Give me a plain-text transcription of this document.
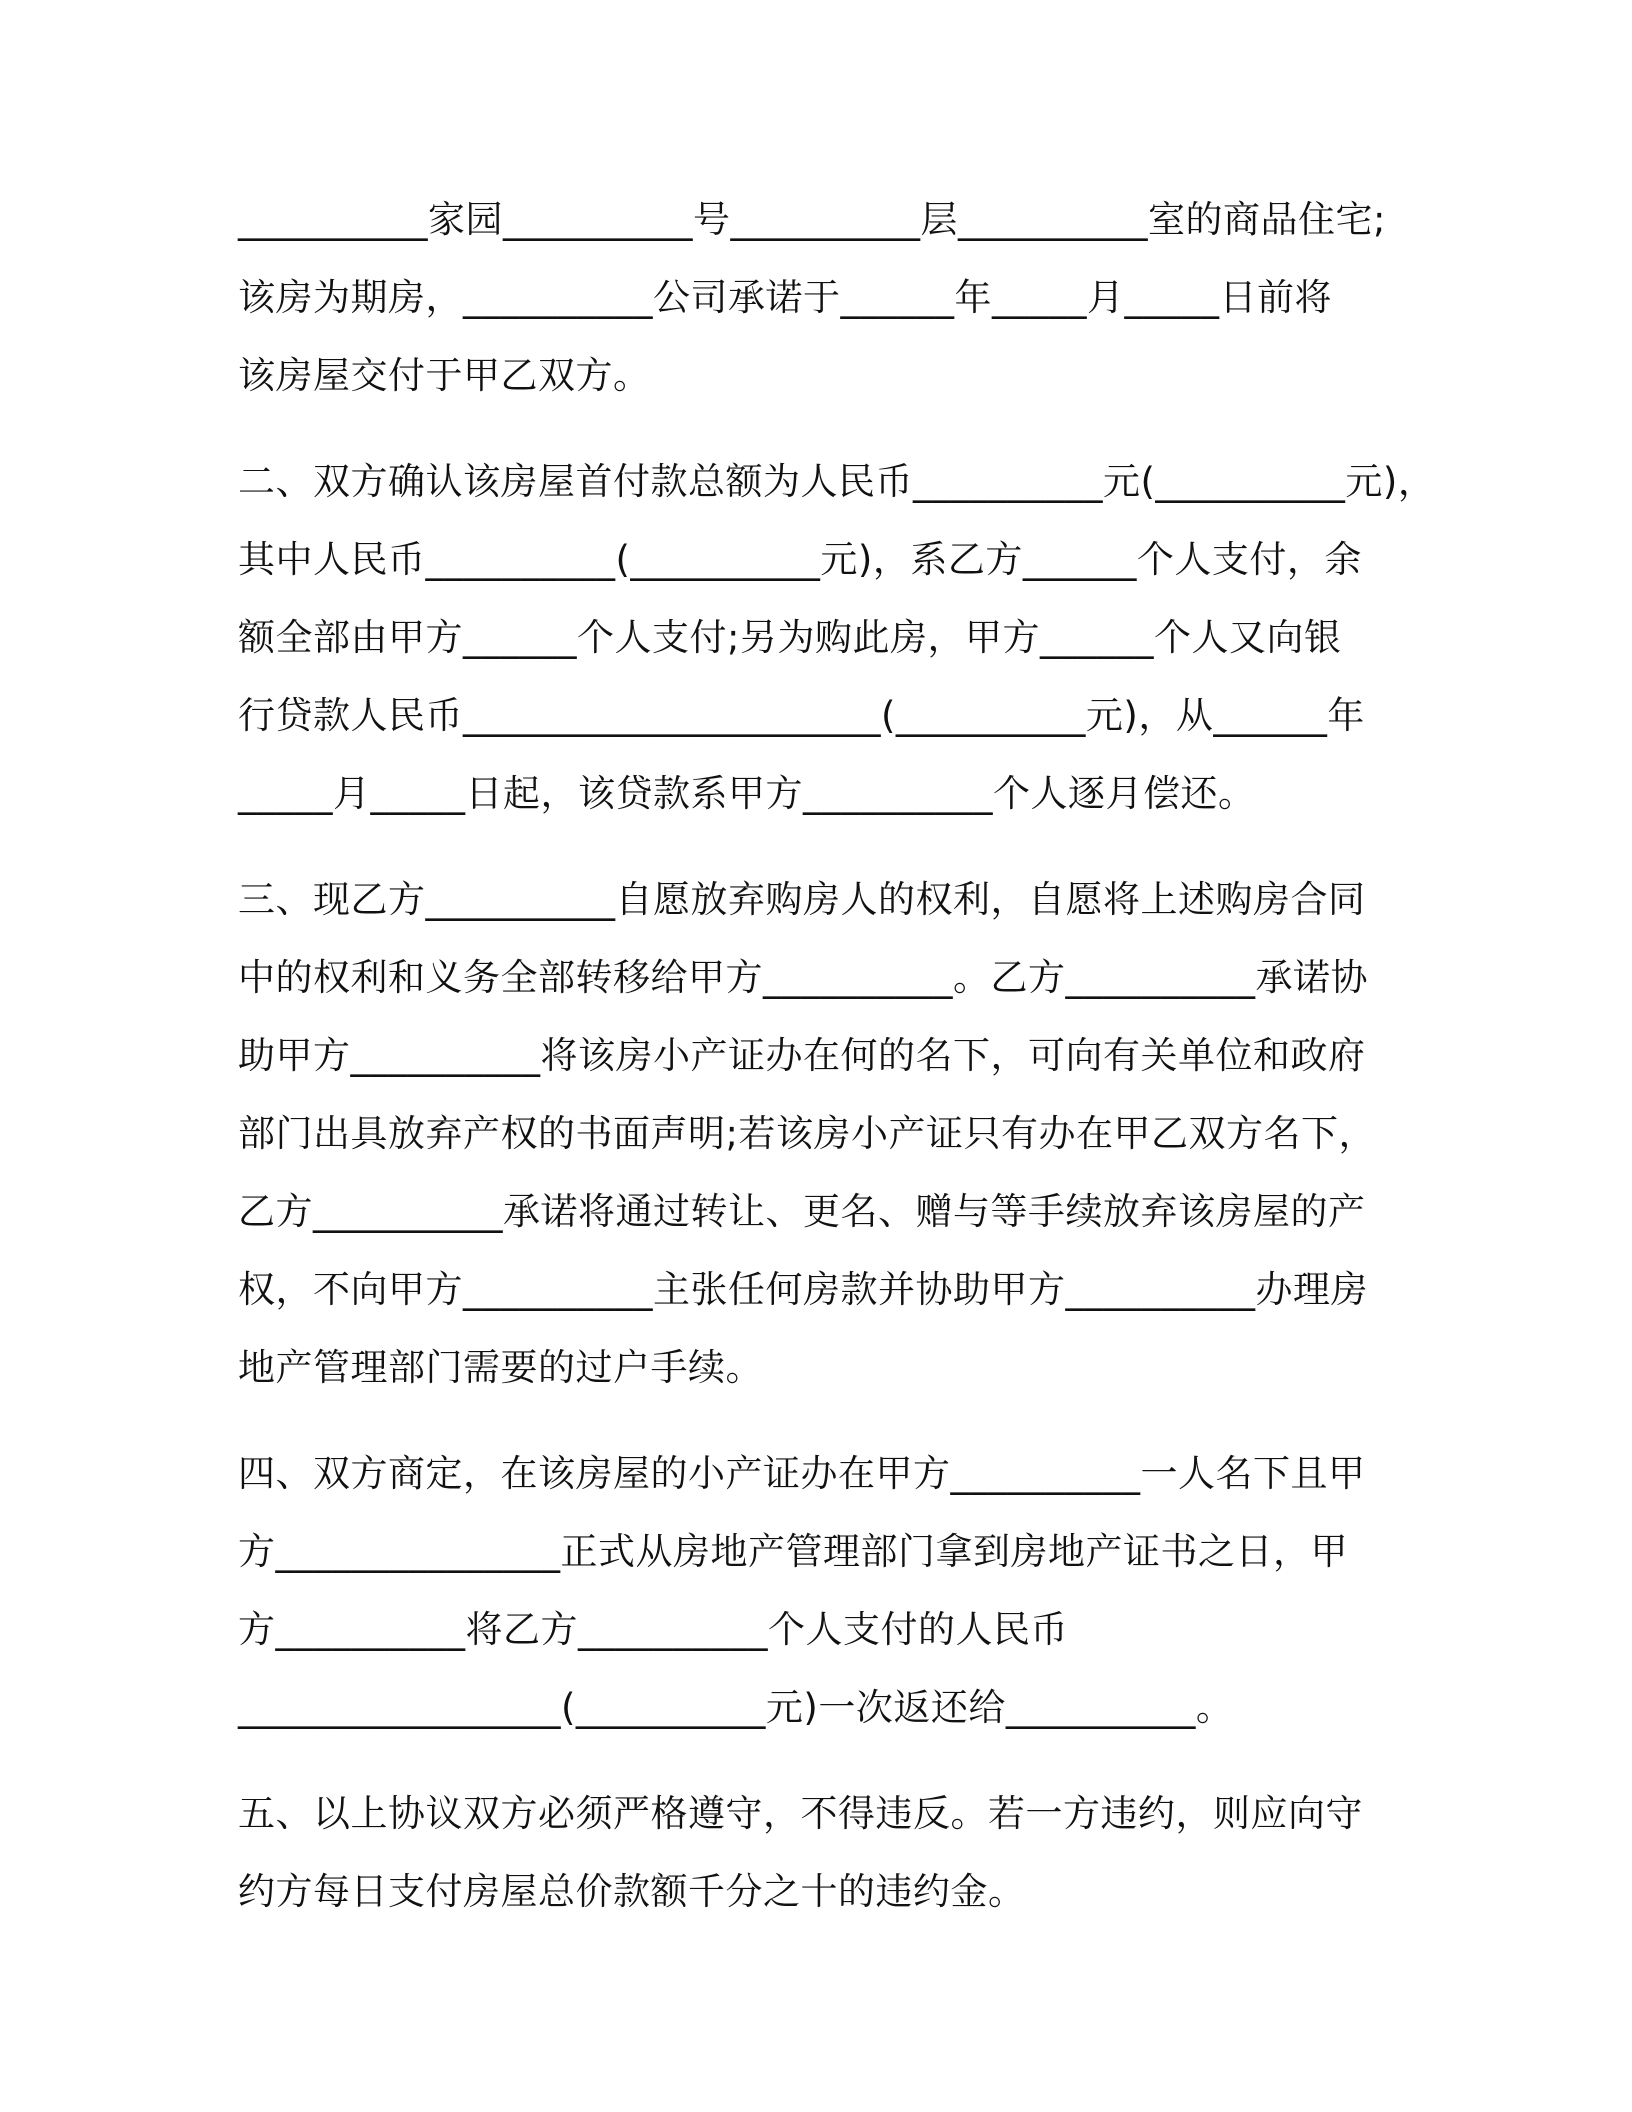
__________家园__________号__________层__________室的商品住宅;
该房为期房，__________公司承诺于______年_____月_____日前将
该房屋交付于甲乙双方。
二、双方确认该房屋首付款总额为人民币__________元(__________元)，
其中人民币__________(__________元)，系乙方______个人支付，余
额全部由甲方______个人支付;另为购此房，甲方______个人又向银
行贷款人民币______________________(__________元)，从______年
_____月_____日起，该贷款系甲方__________个人逐月偿还。
三、现乙方__________自愿放弃购房人的权利，自愿将上述购房合同
中的权利和义务全部转移给甲方__________。乙方__________承诺协
助甲方__________将该房小产证办在何的名下，可向有关单位和政府
部门出具放弃产权的书面声明;若该房小产证只有办在甲乙双方名下，
乙方__________承诺将通过转让、更名、赠与等手续放弃该房屋的产
权，不向甲方__________主张任何房款并协助甲方__________办理房
地产管理部门需要的过户手续。
四、双方商定，在该房屋的小产证办在甲方__________一人名下且甲
方_______________正式从房地产管理部门拿到房地产证书之日，甲
方__________将乙方__________个人支付的人民币
_________________(__________元)一次返还给__________。
五、以上协议双方必须严格遵守，不得违反。若一方违约，则应向守
约方每日支付房屋总价款额千分之十的违约金。
